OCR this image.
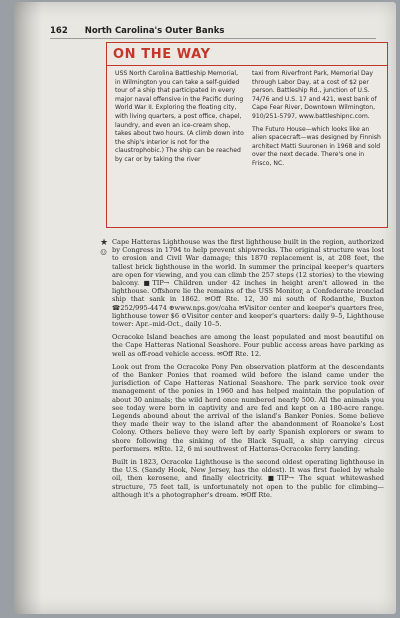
162 North Carolina's Outer Banks
ON THE WAY

USS North Carolina Battleship Memorial, in Wilmington you can take a self-guided tour of a ship that participated in every major naval offensive in the Pacific during World War II. Exploring the floating city, with living quarters, a post office, chapel, laundry, and even an ice-cream shop, takes about two hours. (A climb down into the ship's interior is not for the claustrophobic.) The ship can be reached by car or by taking the river

taxi from Riverfront Park, Memorial Day through Labor Day, at a cost of $2 per person. Battleship Rd., junction of U.S. 74/76 and U.S. 17 and 421, west bank of Cape Fear River, Downtown Wilmington, 910/251-5797, www.battleshipnc.com.

The Futuro House—which looks like an alien spacecraft—was designed by Finnish architect Matti Suuronen in 1968 and sold over the next decade. There's one in Frisco, NC.

★
☺

Cape Hatteras Lighthouse was the first lighthouse built in the region, authorized by Congress in 1794 to help prevent shipwrecks. The original structure was lost to erosion and Civil War damage; this 1870 replacement is, at 208 feet, the tallest brick lighthouse in the world. In summer the principal keeper's quarters are open for viewing, and you can climb the 257 steps (12 stories) to the viewing balcony. ■TIP→ Children under 42 inches in height aren't allowed in the lighthouse. Offshore lie the remains of the USS Monitor, a Confederate ironclad ship that sank in 1862. ✉Off Rte. 12, 30 mi south of Rodanthe, Buxton ☎252/995-4474 ⊕www.nps.gov/caha ✉Visitor center and keeper's quarters free, lighthouse tower $6 ⊙Visitor center and keeper's quarters: daily 9–5, Lighthouse tower: Apr.–mid-Oct., daily 10–5.

Ocracoke Island beaches are among the least populated and most beautiful on the Cape Hatteras National Seashore. Four public access areas have parking as well as off-road vehicle access. ✉Off Rte. 12.

Look out from the Ocracoke Pony Pen observation platform at the descendants of the Banker Ponies that roamed wild before the island came under the jurisdiction of Cape Hatteras National Seashore. The park service took over management of the ponies in 1960 and has helped maintain the population of about 30 animals; the wild herd once numbered nearly 500. All the animals you see today were born in captivity and are fed and kept on a 180-acre range. Legends abound about the arrival of the island's Banker Ponies. Some believe they made their way to the island after the abandonment of Roanoke's Lost Colony. Others believe they were left by early Spanish explorers or swam to shore following the sinking of the Black Squall, a ship carrying circus performers. ✉Rte. 12, 6 mi southwest of Hatteras-Ocracoke ferry landing.

Built in 1823, Ocracoke Lighthouse is the second oldest operating lighthouse in the U.S. (Sandy Hook, New Jersey, has the oldest). It was first fueled by whale oil, then kerosene, and finally electricity. ■TIP→ The squat whitewashed structure, 75 feet tall, is unfortunately not open to the public for climbing—although it's a photographer's dream. ✉Off Rte.
